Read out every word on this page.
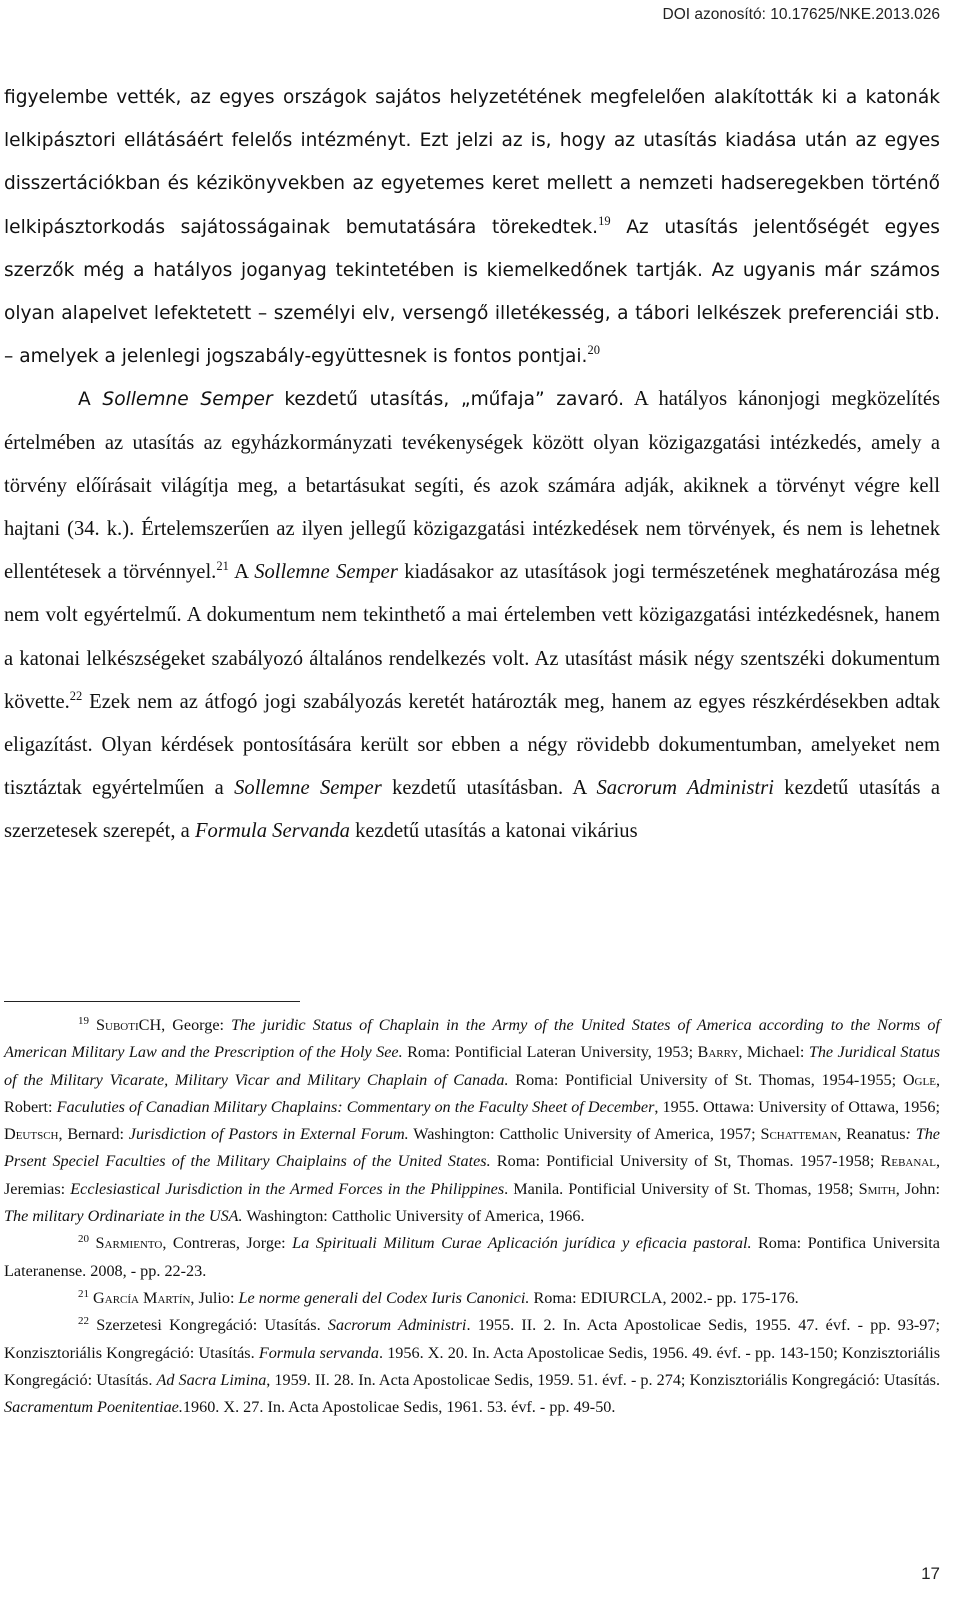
DOI azonosító: 10.17625/NKE.2013.026

figyelembe vették, az egyes országok sajátos helyzetétének megfelelően alakították ki a katonák lelkipásztori ellátásáért felelős intézményt. Ezt jelzi az is, hogy az utasítás kiadása után az egyes disszertációkban és kézikönyvekben az egyetemes keret mellett a nemzeti hadseregekben történő lelkipásztorkodás sajátosságainak bemutatására törekedtek.$^{19}$ Az utasítás jelentőségét egyes szerzők még a hatályos joganyag tekintetében is kiemelkedőnek tartják. Az ugyanis már számos olyan alapelvet lefektetett – személyi elv, versengő illetékesség, a tábori lelkészek preferenciái stb. – amelyek a jelenlegi jogszabály-együttesnek is fontos pontjai.$^{20}$

A Sollemne Semper kezdetű utasítás, „műfaja” zavaró. A hatályos kánonjogi megközelítés értelmében az utasítás az egyházkormányzati tevékenységek között olyan közigazgatási intézkedés, amely a törvény előírásait világítja meg, a betartásukat segíti, és azok számára adják, akiknek a törvényt végre kell hajtani (34. k.). Értelemszerűen az ilyen jellegű közigazgatási intézkedések nem törvények, és nem is lehetnek ellentétesek a törvénnyel.$^{21}$ A Sollemne Semper kiadásakor az utasítások jogi természetének meghatározása még nem volt egyértelmű. A dokumentum nem tekinthető a mai értelemben vett közigazgatási intézkedésnek, hanem a katonai lelkészségeket szabályozó általános rendelkezés volt. Az utasítást másik négy szentszéki dokumentum követte.$^{22}$ Ezek nem az átfogó jogi szabályozás keretét határozták meg, hanem az egyes részkérdésekben adtak eligazítást. Olyan kérdések pontosítására került sor ebben a négy rövidebb dokumentumban, amelyeket nem tisztáztak egyértelműen a Sollemne Semper kezdetű utasításban. A Sacrorum Administri kezdetű utasítás a szerzetesek szerepét, a Formula Servanda kezdetű utasítás a katonai vikárius

$^{19}$ SubotiCH, George: The juridic Status of Chaplain in the Army of the United States of America according to the Norms of American Military Law and the Prescription of the Holy See. Roma: Pontificial Lateran University, 1953; Barry, Michael: The Juridical Status of the Military Vicarate, Military Vicar and Military Chaplain of Canada. Roma: Pontificial University of St. Thomas, 1954-1955; Ogle, Robert: Faculuties of Canadian Military Chaplains: Commentary on the Faculty Sheet of December, 1955. Ottawa: University of Ottawa, 1956; Deutsch, Bernard: Jurisdiction of Pastors in External Forum. Washington: Cattholic University of America, 1957; Schatteman, Reanatus: The Prsent Speciel Faculties of the Military Chaiplains of the United States. Roma: Pontificial University of St, Thomas. 1957-1958; Rebanal, Jeremias: Ecclesiastical Jurisdiction in the Armed Forces in the Philippines. Manila. Pontificial University of St. Thomas, 1958; Smith, John: The military Ordinariate in the USA. Washington: Cattholic University of America, 1966.

$^{20}$ Sarmiento, Contreras, Jorge: La Spirituali Militum Curae Aplicación jurídica y eficacia pastoral. Roma: Pontifica Universita Lateranense. 2008, - pp. 22-23.

$^{21}$ García Martín, Julio: Le norme generali del Codex Iuris Canonici. Roma: EDIURCLA, 2002.- pp. 175-176.

$^{22}$ Szerzetesi Kongregáció: Utasítás. Sacrorum Administri. 1955. II. 2. In. Acta Apostolicae Sedis, 1955. 47. évf. - pp. 93-97; Konzisztoriális Kongregáció: Utasítás. Formula servanda. 1956. X. 20. In. Acta Apostolicae Sedis, 1956. 49. évf. - pp. 143-150; Konzisztoriális Kongregáció: Utasítás. Ad Sacra Limina, 1959. II. 28. In. Acta Apostolicae Sedis, 1959. 51. évf. - p. 274; Konzisztoriális Kongregáció: Utasítás. Sacramentum Poenitentiae.1960. X. 27. In. Acta Apostolicae Sedis, 1961. 53. évf. - pp. 49-50.

17
